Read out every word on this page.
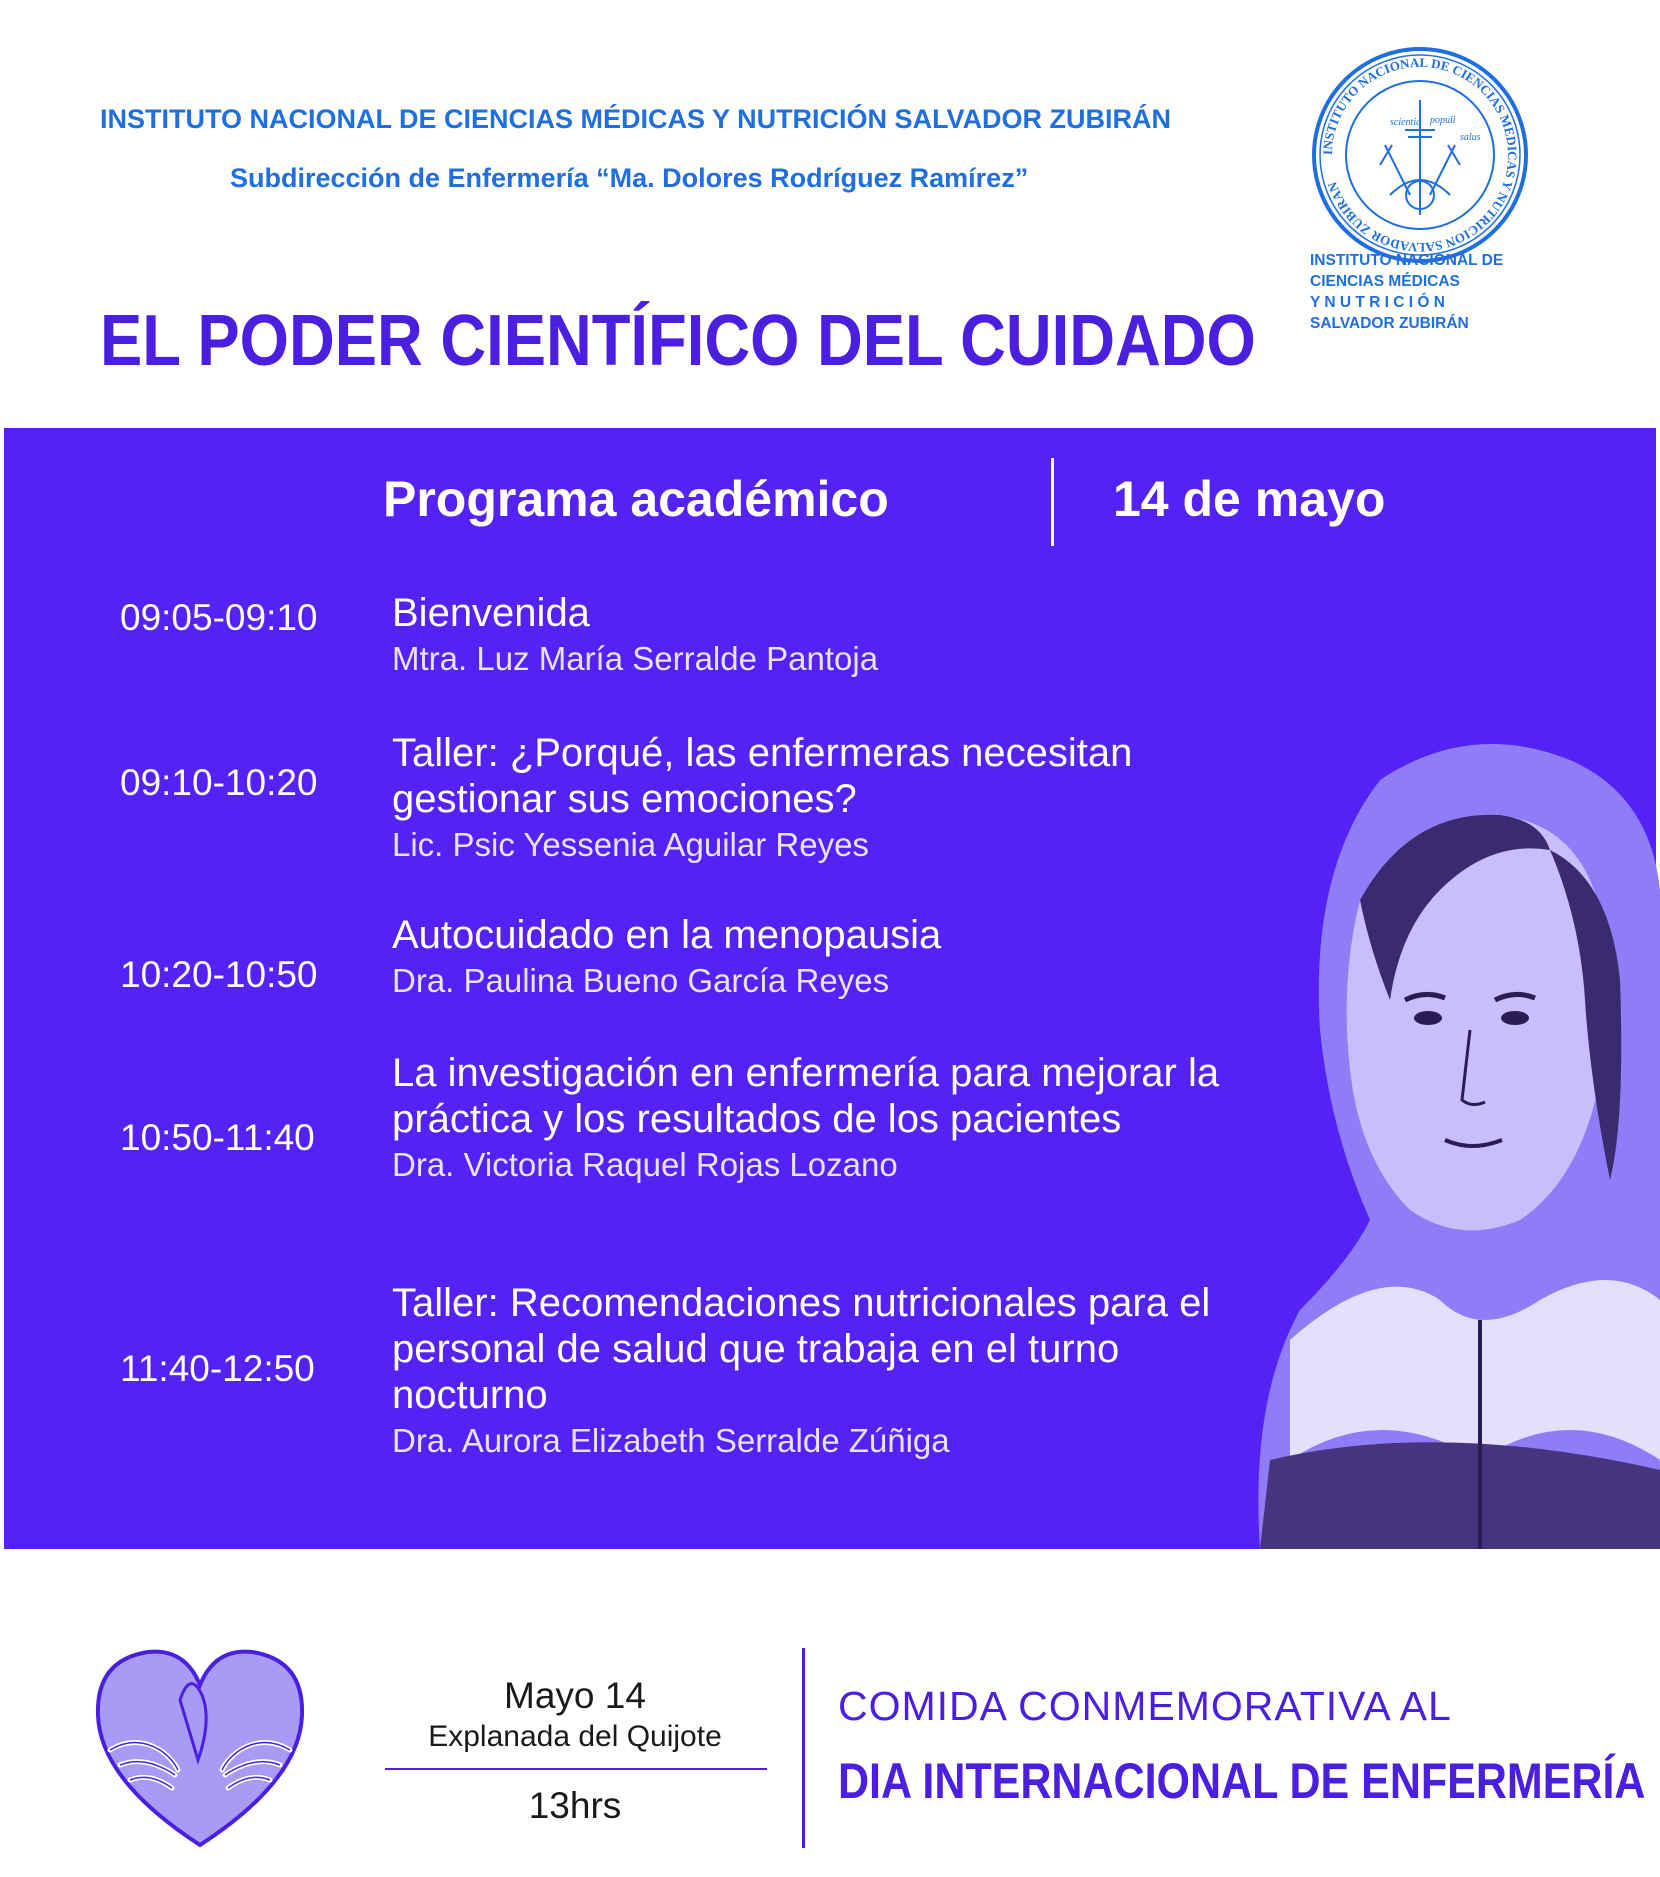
INSTITUTO NACIONAL DE CIENCIAS MÉDICAS Y NUTRICIÓN SALVADOR ZUBIRÁN
Subdirección de Enfermería “Ma. Dolores Rodríguez Ramírez”
EL PODER CIENTÍFICO DEL CUIDADO
INSTITUTO NACIONAL DE CIENCIAS MEDICAS Y NUTRICION SALVADOR ZUBIRAN
scientia populi
salus
INSTITUTO NACIONAL DE
CIENCIAS MÉDICAS
Y N U T R I C I Ó N
SALVADOR ZUBIRÁN
Programa académico	14 de mayo
09:05-09:10 Bienvenida
Mtra. Luz María Serralde Pantoja
09:10-10:20
Taller: ¿Porqué, las enfermeras necesitan gestionar sus emociones?
Lic. Psic Yessenia Aguilar Reyes
10:20-10:50
Autocuidado en la menopausia
Dra. Paulina Bueno García Reyes
10:50-11:40
La investigación en enfermería para mejorar la práctica y los resultados de los pacientes
Dra. Victoria Raquel Rojas Lozano
11:40-12:50
Taller: Recomendaciones nutricionales para el personal de salud que trabaja en el turno nocturno
Dra. Aurora Elizabeth Serralde Zúñiga
Mayo 14
Explanada del Quijote
13hrs
COMIDA CONMEMORATIVA AL
DIA INTERNACIONAL DE ENFERMERÍA
